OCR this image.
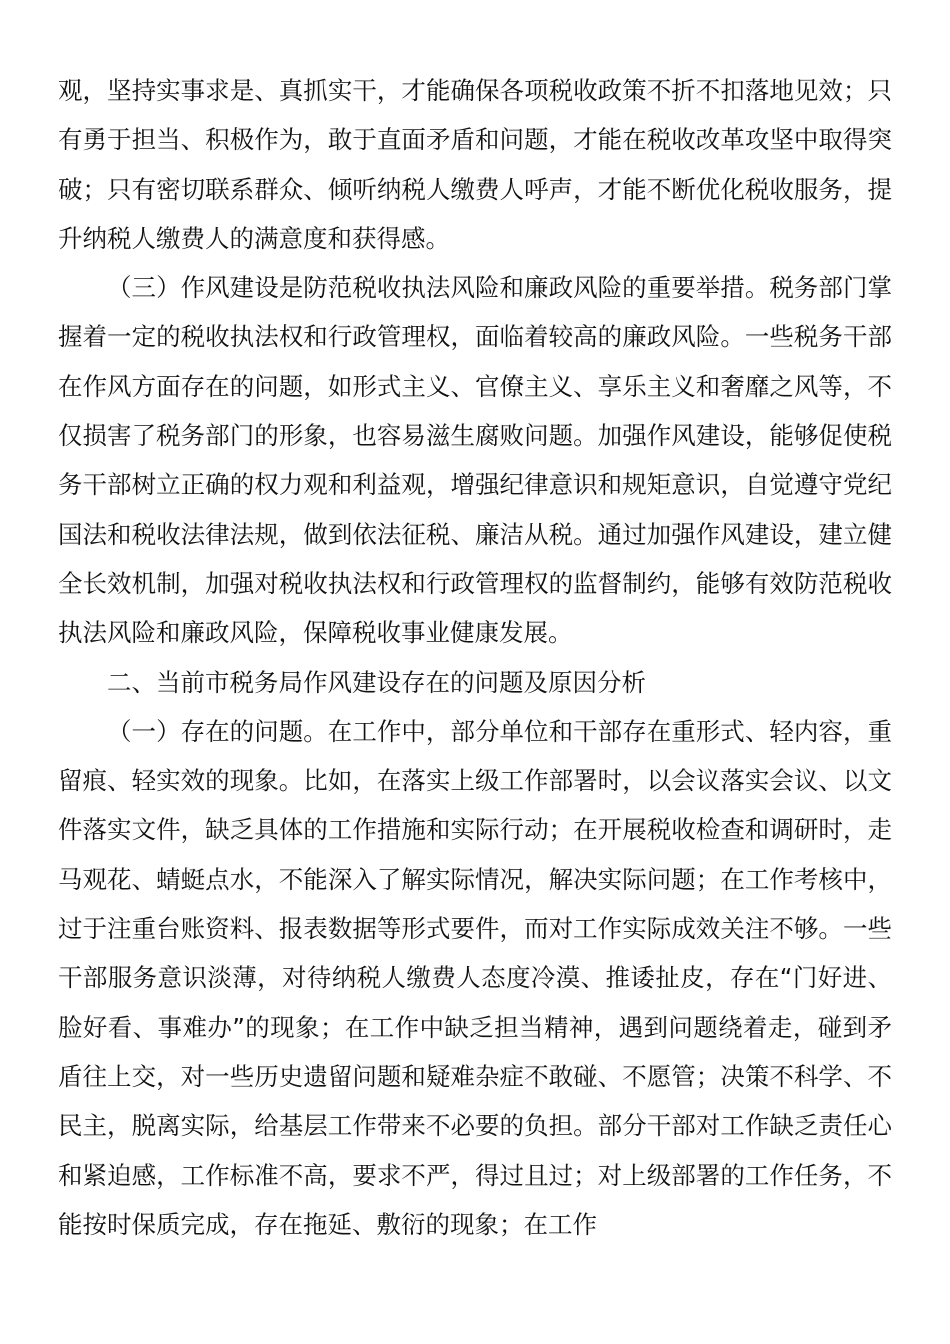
观，坚持实事求是、真抓实干，才能确保各项税收政策不折不扣落地见效；只有勇于担当、积极作为，敢于直面矛盾和问题，才能在税收改革攻坚中取得突破；只有密切联系群众、倾听纳税人缴费人呼声，才能不断优化税收服务，提升纳税人缴费人的满意度和获得感。

（三）作风建设是防范税收执法风险和廉政风险的重要举措。税务部门掌握着一定的税收执法权和行政管理权，面临着较高的廉政风险。一些税务干部在作风方面存在的问题，如形式主义、官僚主义、享乐主义和奢靡之风等，不仅损害了税务部门的形象，也容易滋生腐败问题。加强作风建设，能够促使税务干部树立正确的权力观和利益观，增强纪律意识和规矩意识，自觉遵守党纪国法和税收法律法规，做到依法征税、廉洁从税。通过加强作风建设，建立健全长效机制，加强对税收执法权和行政管理权的监督制约，能够有效防范税收执法风险和廉政风险，保障税收事业健康发展。

二、当前市税务局作风建设存在的问题及原因分析

（一）存在的问题。在工作中，部分单位和干部存在重形式、轻内容，重留痕、轻实效的现象。比如，在落实上级工作部署时，以会议落实会议、以文件落实文件，缺乏具体的工作措施和实际行动；在开展税收检查和调研时，走马观花、蜻蜓点水，不能深入了解实际情况，解决实际问题；在工作考核中，过于注重台账资料、报表数据等形式要件，而对工作实际成效关注不够。一些干部服务意识淡薄，对待纳税人缴费人态度冷漠、推诿扯皮，存在“门好进、脸好看、事难办”的现象；在工作中缺乏担当精神，遇到问题绕着走，碰到矛盾往上交，对一些历史遗留问题和疑难杂症不敢碰、不愿管；决策不科学、不民主，脱离实际，给基层工作带来不必要的负担。部分干部对工作缺乏责任心和紧迫感，工作标准不高，要求不严，得过且过；对上级部署的工作任务，不能按时保质完成，存在拖延、敷衍的现象；在工作
